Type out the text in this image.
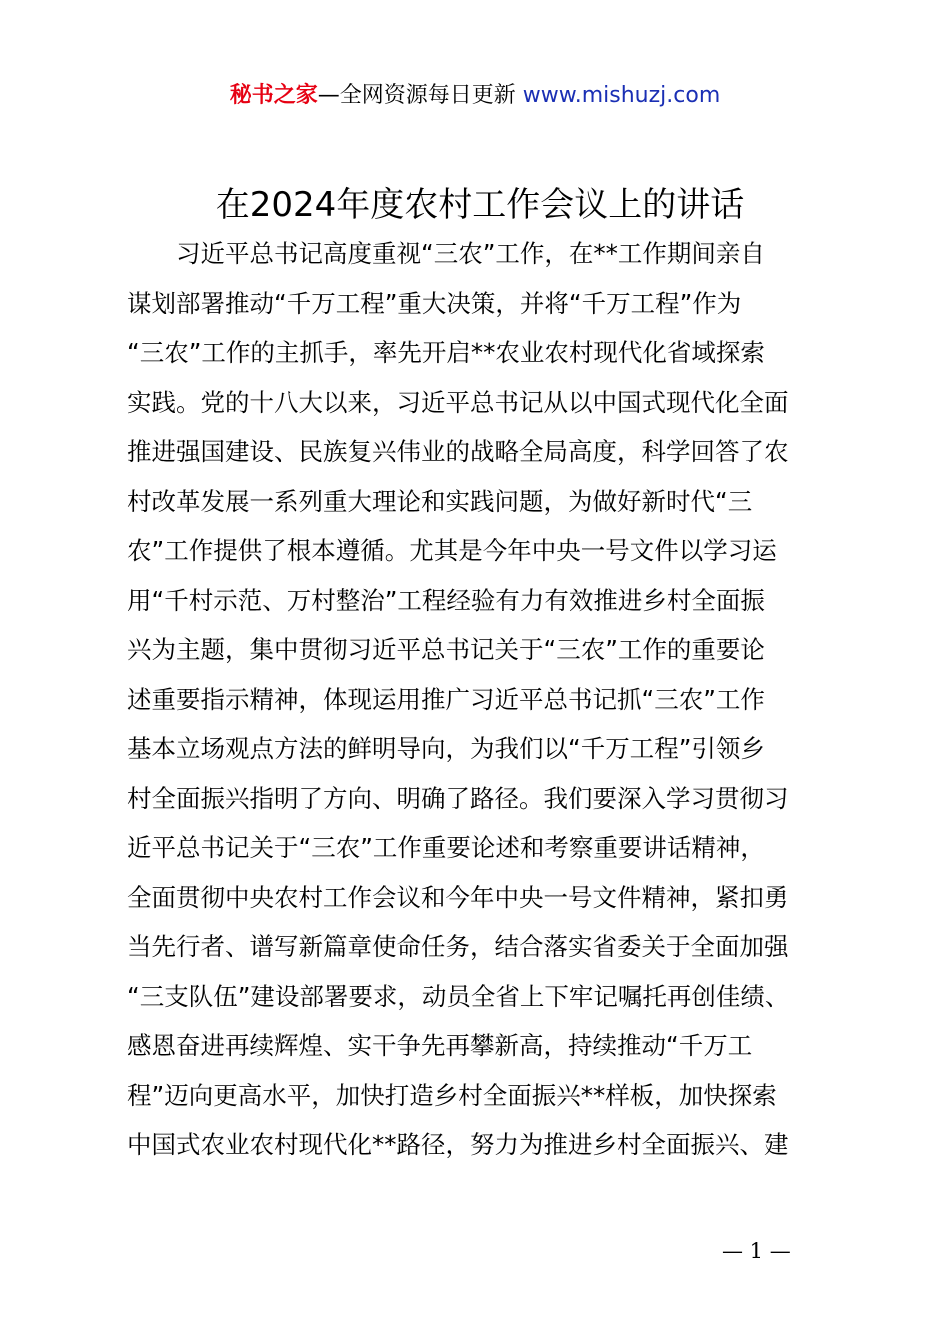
秘书之家—全网资源每日更新 www.mishuzj.com
在2024年度农村工作会议上的讲话
习近平总书记高度重视“三农”工作，在**工作期间亲自
谋划部署推动“千万工程”重大决策，并将“千万工程”作为
“三农”工作的主抓手，率先开启**农业农村现代化省域探索
实践。党的十八大以来，习近平总书记从以中国式现代化全面
推进强国建设、民族复兴伟业的战略全局高度，科学回答了农
村改革发展一系列重大理论和实践问题，为做好新时代“三
农”工作提供了根本遵循。尤其是今年中央一号文件以学习运
用“千村示范、万村整治”工程经验有力有效推进乡村全面振
兴为主题，集中贯彻习近平总书记关于“三农”工作的重要论
述重要指示精神，体现运用推广习近平总书记抓“三农”工作
基本立场观点方法的鲜明导向，为我们以“千万工程”引领乡
村全面振兴指明了方向、明确了路径。我们要深入学习贯彻习
近平总书记关于“三农”工作重要论述和考察重要讲话精神，
全面贯彻中央农村工作会议和今年中央一号文件精神，紧扣勇
当先行者、谱写新篇章使命任务，结合落实省委关于全面加强
“三支队伍”建设部署要求，动员全省上下牢记嘱托再创佳绩、
感恩奋进再续辉煌、实干争先再攀新高，持续推动“千万工
程”迈向更高水平，加快打造乡村全面振兴**样板，加快探索
中国式农业农村现代化**路径，努力为推进乡村全面振兴、建
— 1 —
